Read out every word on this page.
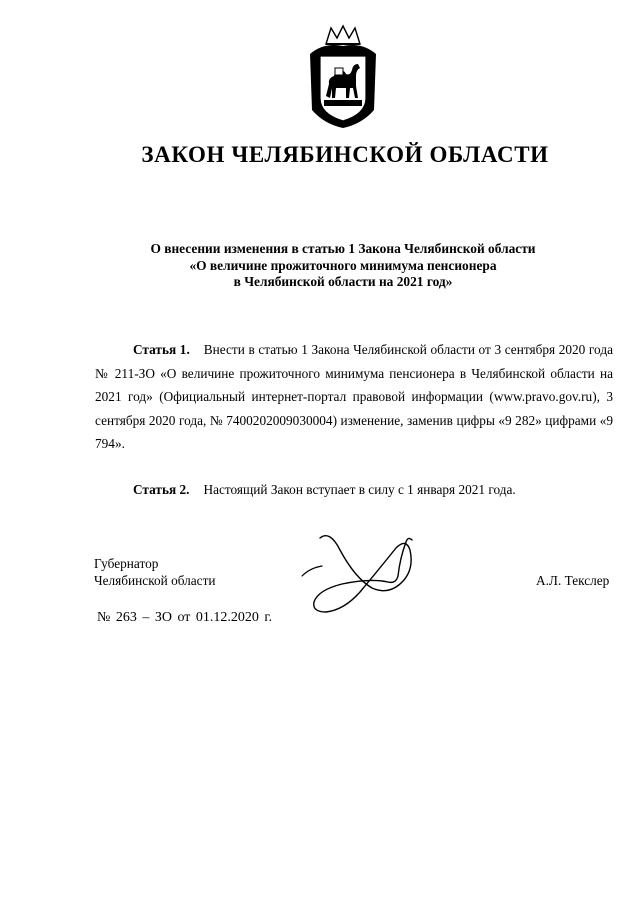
ЗАКОН ЧЕЛЯБИНСКОЙ ОБЛАСТИ
О внесении изменения в статью 1 Закона Челябинской области
«О величине прожиточного минимума пенсионера
в Челябинской области на 2021 год»
Статья 1. Внести в статью 1 Закона Челябинской области от 3 сентября 2020 года № 211-ЗО «О величине прожиточного минимума пенсионера в Челябинской области на 2021 год» (Официальный интернет-портал правовой информации (www.pravo.gov.ru), 3 сентября 2020 года, № 7400202009030004) изменение, заменив цифры «9 282» цифрами «9 794».
Статья 2. Настоящий Закон вступает в силу с 1 января 2021 года.
Губернатор
Челябинской области	А.Л. Текслер
№ 263 – ЗО от 01.12.2020 г.
